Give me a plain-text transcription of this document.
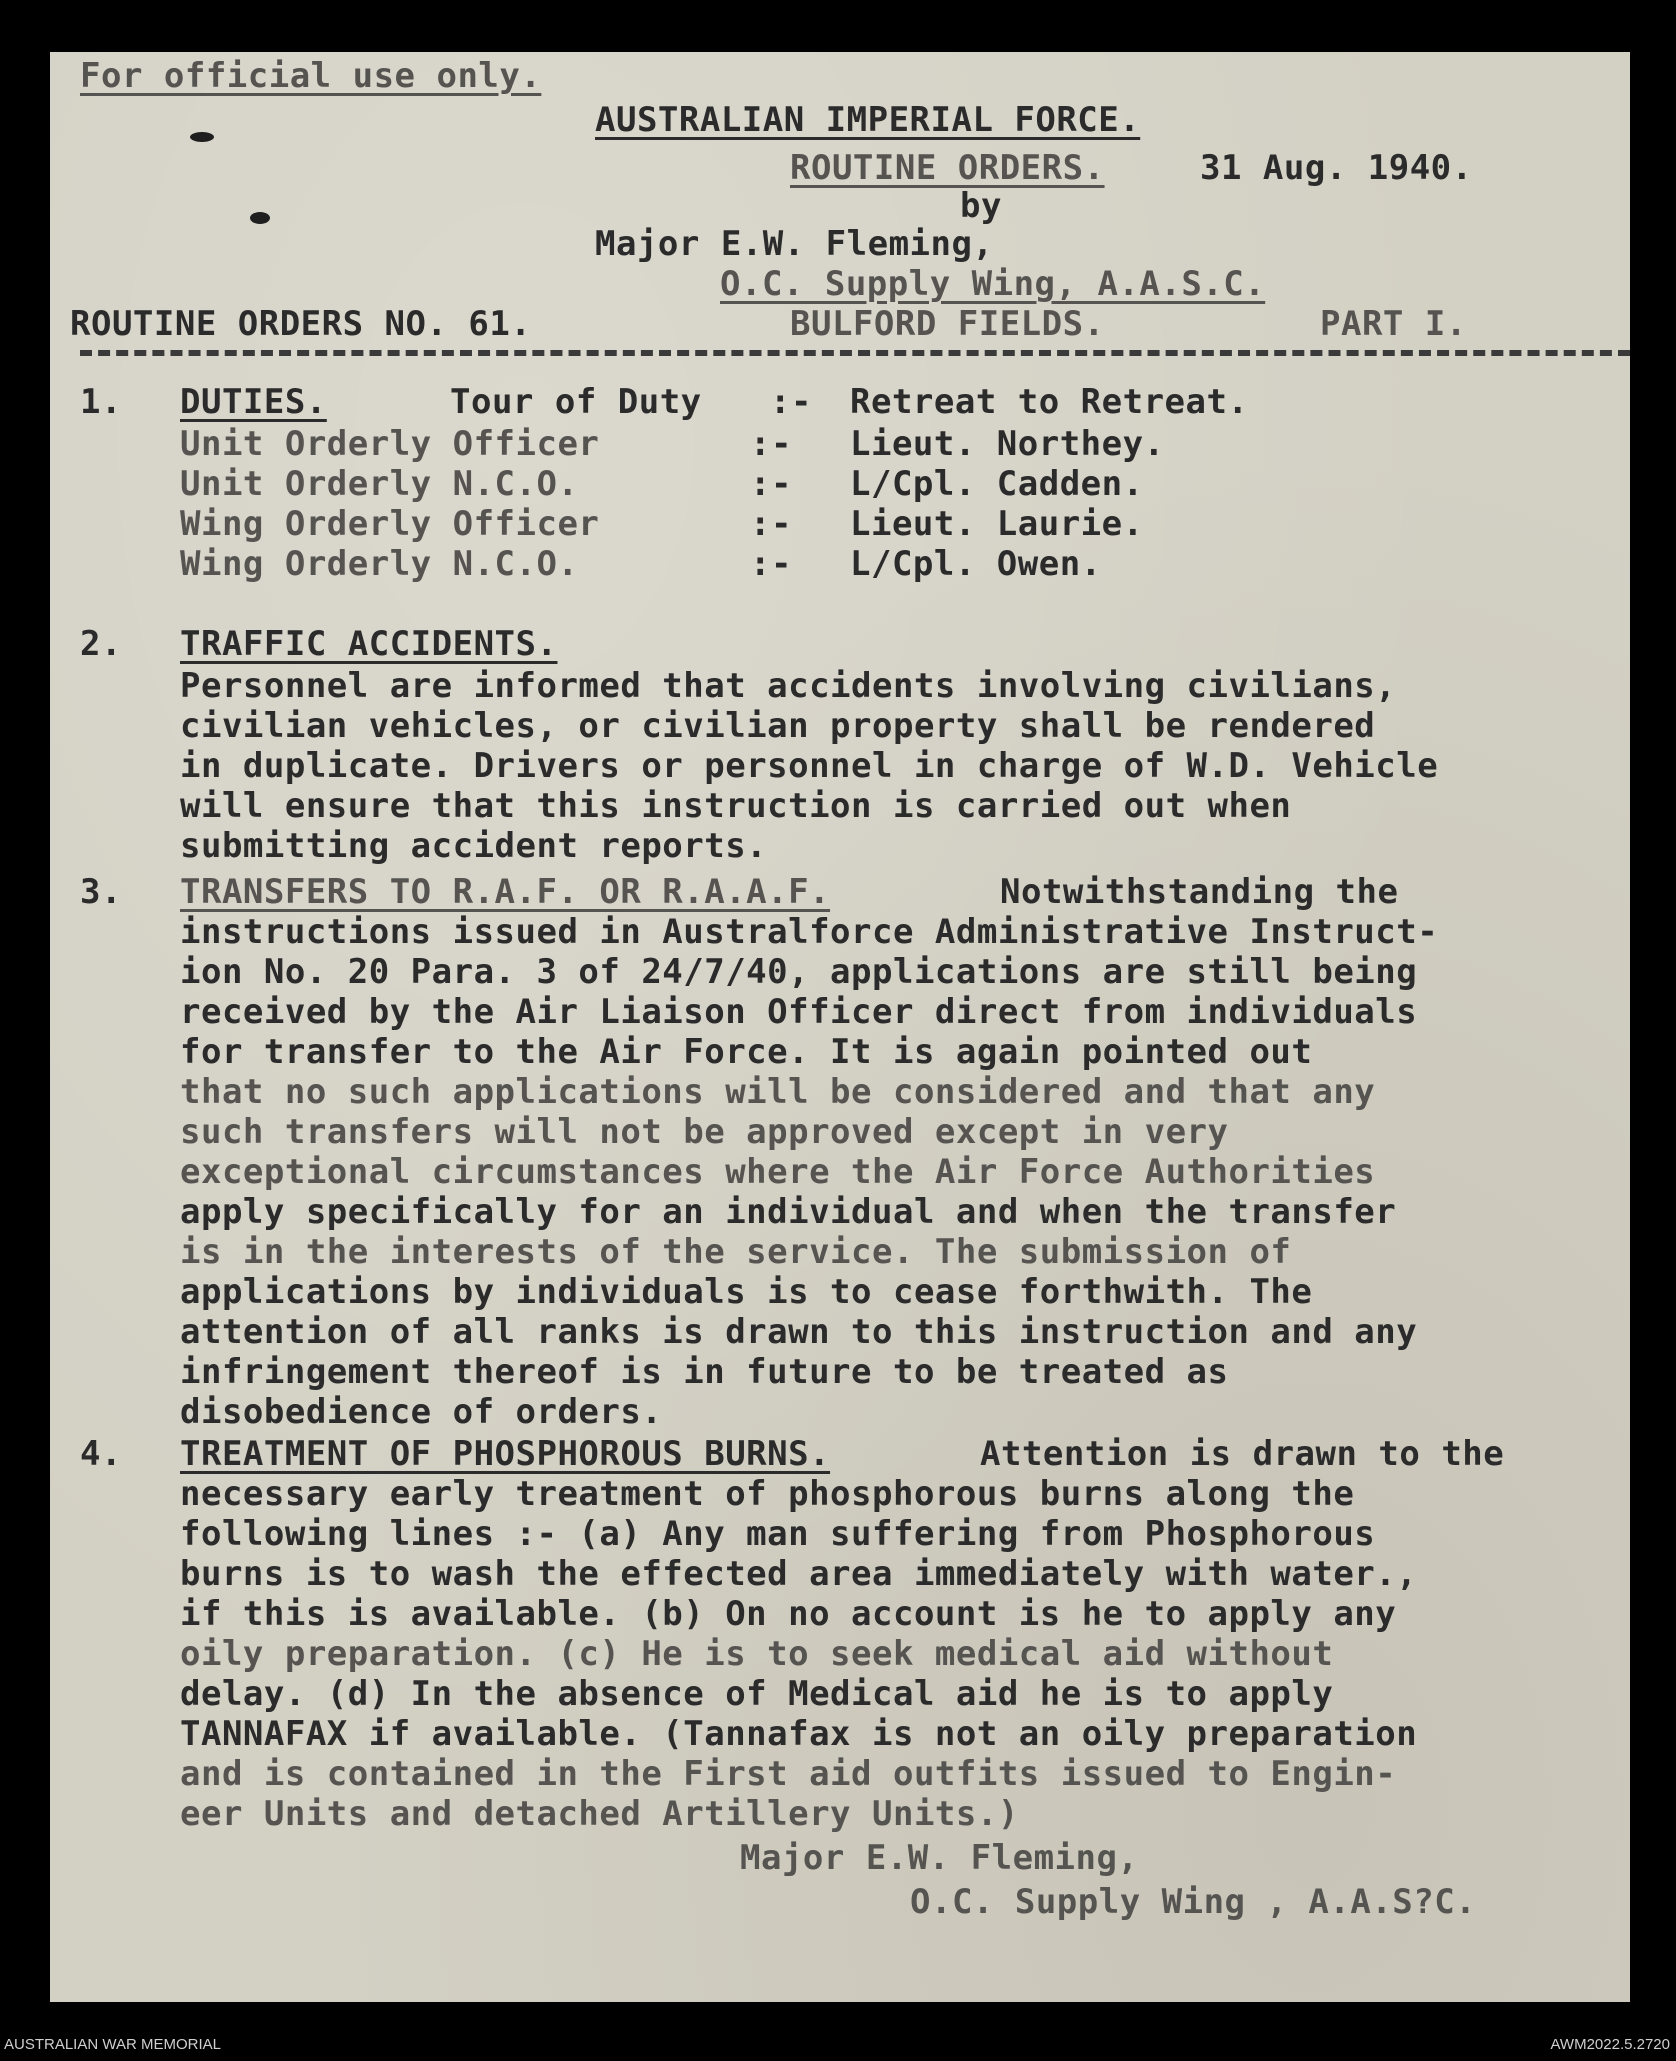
For official use only.
AUSTRALIAN IMPERIAL FORCE.
ROUTINE ORDERS.	31 Aug. 1940.
by
Major E.W. Fleming,
O.C. Supply Wing, A.A.S.C.
ROUTINE ORDERS NO. 61.	BULFORD FIELDS.	PART I.
1. DUTIES.	Tour of Duty :- Retreat to Retreat.
Unit Orderly Officer	:- Lieut. Northey.
Unit Orderly N.C.O.	:- L/Cpl. Cadden.
Wing Orderly Officer	:- Lieut. Laurie.
Wing Orderly N.C.O.	:- L/Cpl. Owen.
2. TRAFFIC ACCIDENTS.
Personnel are informed that accidents involving civilians,
civilian vehicles, or civilian property shall be rendered
in duplicate. Drivers or personnel in charge of W.D. Vehicle
will ensure that this instruction is carried out when
submitting accident reports.
3. TRANSFERS TO R.A.F. OR R.A.A.F.	Notwithstanding the
instructions issued in Australforce Administrative Instruct-
ion No. 20 Para. 3 of 24/7/40, applications are still being
received by the Air Liaison Officer direct from individuals
for transfer to the Air Force. It is again pointed out
that no such applications will be considered and that any
such transfers will not be approved except in very
exceptional circumstances where the Air Force Authorities
apply specifically for an individual and when the transfer
is in the interests of the service. The submission of
applications by individuals is to cease forthwith. The
attention of all ranks is drawn to this instruction and any
infringement thereof is in future to be treated as
disobedience of orders.
4. TREATMENT OF PHOSPHOROUS BURNS.	Attention is drawn to the
necessary early treatment of phosphorous burns along the
following lines :- (a) Any man suffering from Phosphorous
burns is to wash the effected area immediately with water.,
if this is available. (b) On no account is he to apply any
oily preparation. (c) He is to seek medical aid without
delay. (d) In the absence of Medical aid he is to apply
TANNAFAX if available. (Tannafax is not an oily preparation
and is contained in the First aid outfits issued to Engin-
eer Units and detached Artillery Units.)
Major E.W. Fleming,
O.C. Supply Wing , A.A.S?C.
AUSTRALIAN WAR MEMORIAL	AWM2022.5.2720
